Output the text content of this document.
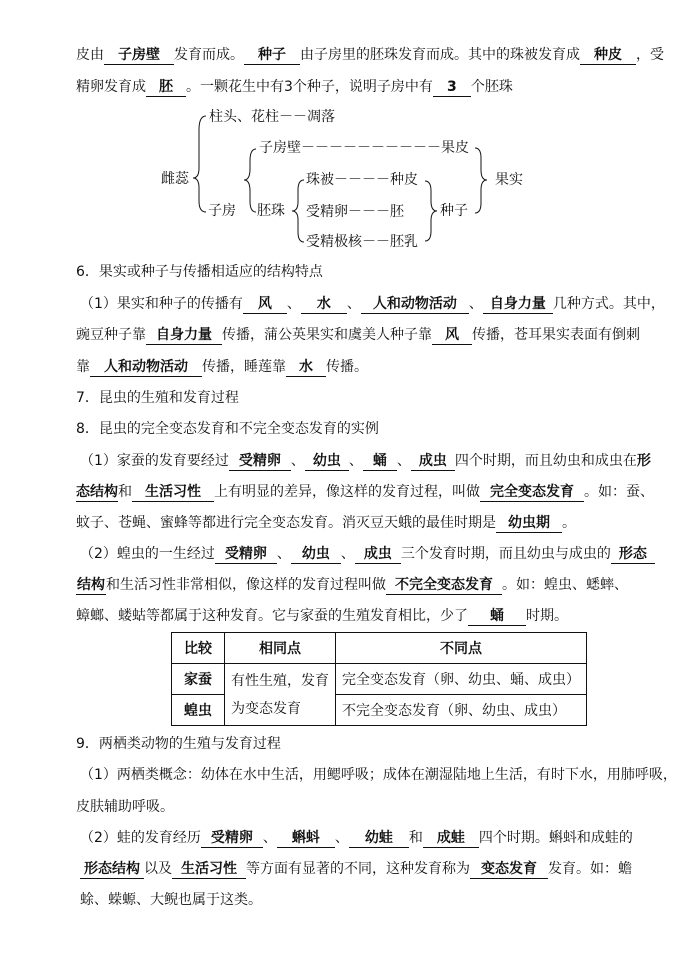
皮由 子房壁 发育而成。 种子 由子房里的胚珠发育而成。其中的珠被发育成 种皮 ，受
精卵发育成 胚 。一颗花生中有3个种子，说明子房中有 3 个胚珠
柱头、花柱－－凋落
雌蕊
子房壁－－－－－－－－－－果皮
子房 胚珠
珠被－－－－种皮
受精卵－－－胚
受精极核－－胚乳
种子
果实
6．果实或种子与传播相适应的结构特点
（1）果实和种子的传播有 风 、 水 、 人和动物活动 、 自身力量 几种方式。其中，
豌豆种子靠 自身力量 传播，蒲公英果实和虞美人种子靠 风 传播，苍耳果实表面有倒刺
靠 人和动物活动 传播，睡莲靠 水 传播。
7．昆虫的生殖和发育过程
8．昆虫的完全变态发育和不完全变态发育的实例
（1）家蚕的发育要经过 受精卵 、 幼虫 、 蛹 、 成虫 四个时期，而且幼虫和成虫在形
态结构和 生活习性 上有明显的差异，像这样的发育过程，叫做 完全变态发育 。如：蚕、
蚊子、苍蝇、蜜蜂等都进行完全变态发育。消灭豆天蛾的最佳时期是 幼虫期 。
（2）蝗虫的一生经过 受精卵 、 幼虫 、 成虫 三个发育时期，而且幼虫与成虫的 形态
结构和生活习性非常相似，像这样的发育过程叫做 不完全变态发育 。如：蝗虫、蟋蟀、
蟑螂、蝼蛄等都属于这种发育。它与家蚕的生殖发育相比，少了 蛹 时期。
比较	相同点	不同点
家蚕	有性生殖，发育
为变态发育	完全变态发育（卵、幼虫、蛹、成虫）
蝗虫		不完全变态发育（卵、幼虫、成虫）
9．两栖类动物的生殖与发育过程
（1）两栖类概念：幼体在水中生活，用鳃呼吸；成体在潮湿陆地上生活，有时下水，用肺呼吸，
皮肤辅助呼吸。
（2）蛙的发育经历 受精卵 、 蝌蚪 、 幼蛙 和 成蛙 四个时期。蝌蚪和成蛙的
形态结构 以及 生活习性 等方面有显著的不同，这种发育称为 变态发育 发育。如：蟾
蜍、蝾螈、大鲵也属于这类。
